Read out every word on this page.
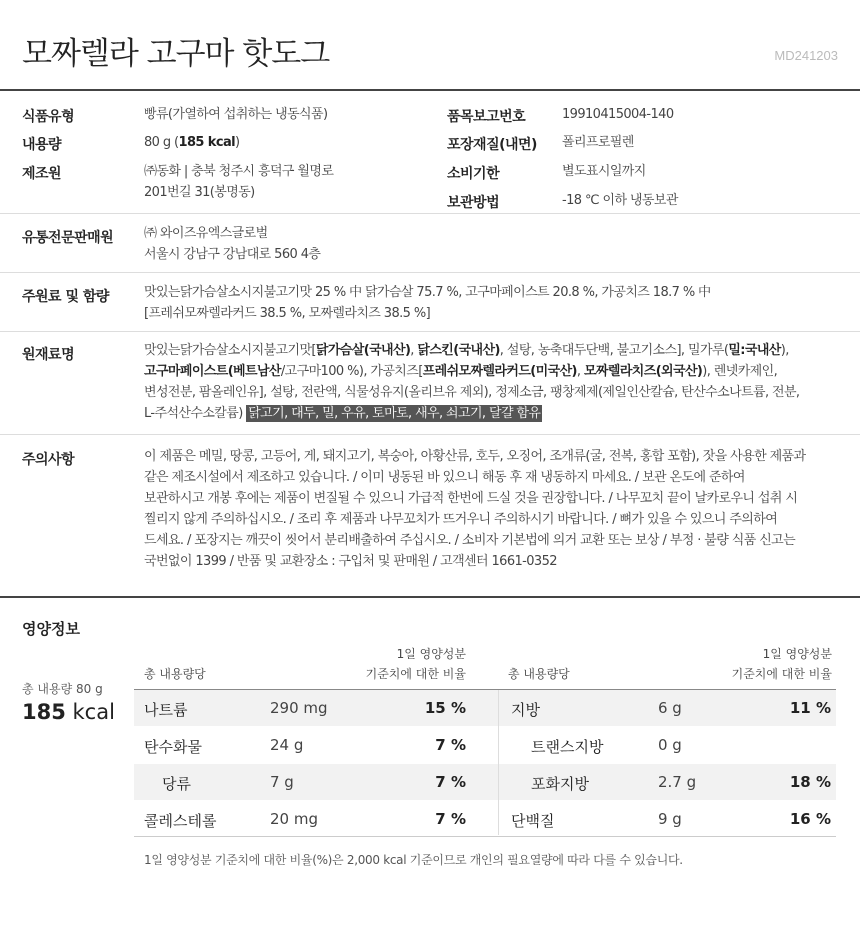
모짜렐라 고구마 핫도그	MD241203
식품유형	빵류(가열하여 섭취하는 냉동식품)
내용량	80 g (185 kcal)
제조원	㈜동화 | 충북 청주시 흥덕구 월명로
201번길 31(봉명동)
품목보고번호	19910415004-140
포장재질(내면) 폴리프로필렌
소비기한	별도표시일까지
보관방법	-18 ℃ 이하 냉동보관
유통전문판매원 ㈜ 와이즈유엑스글로벌
서울시 강남구 강남대로 560 4층
주원료 및 함량	맛있는닭가슴살소시지불고기맛 25 % 中 닭가슴살 75.7 %, 고구마페이스트 20.8 %, 가공치즈 18.7 % 中
[프레쉬모짜렐라커드 38.5 %, 모짜렐라치즈 38.5 %]
원재료명	맛있는닭가슴살소시지불고기맛[닭가슴살(국내산), 닭스킨(국내산), 설탕, 농축대두단백, 불고기소스], 밀가루(밀:국내산),
고구마페이스트(베트남산/고구마100 %), 가공치즈[프레쉬모짜렐라커드(미국산), 모짜렐라치즈(외국산)), 렌넷카제인,
변성전분, 팜올레인유], 설탕, 전란액, 식물성유지(올리브유 제외), 정제소금, 팽창제제(제일인산칼슘, 탄산수소나트륨, 전분,
L-주석산수소칼륨) 닭고기, 대두, 밀, 우유, 토마토, 새우, 쇠고기, 달걀 함유
주의사항	이 제품은 메밀, 땅콩, 고등어, 게, 돼지고기, 복숭아, 아황산류, 호두, 오징어, 조개류(굴, 전복, 홍합 포함), 잣을 사용한 제품과
같은 제조시설에서 제조하고 있습니다. / 이미 냉동된 바 있으니 해동 후 재 냉동하지 마세요. / 보관 온도에 준하여
보관하시고 개봉 후에는 제품이 변질될 수 있으니 가급적 한번에 드실 것을 권장합니다. / 나무꼬치 끝이 날카로우니 섭취 시
찔리지 않게 주의하십시오. / 조리 후 제품과 나무꼬치가 뜨거우니 주의하시기 바랍니다. / 뼈가 있을 수 있으니 주의하여
드세요. / 포장지는 깨끗이 씻어서 분리배출하여 주십시오. / 소비자 기본법에 의거 교환 또는 보상 / 부정 · 불량 식품 신고는
국번없이 1399 / 반품 및 교환장소 : 구입처 및 판매원 / 고객센터 1661-0352
영양정보
총 내용량 80 g
185 kcal
총 내용량당
1일 영양성분
기준치에 대한 비율	총 내용량당
1일 영양성분
기준치에 대한 비율
나트륨	290 mg	15 %
탄수화물	24 g	7 %
당류	7 g	7 %
콜레스테롤	20 mg	7 %
지방	6 g	11 %
트랜스지방	0 g
포화지방	2.7 g	18 %
단백질	9 g	16 %
1일 영양성분 기준치에 대한 비율(%)은 2,000 kcal 기준이므로 개인의 필요열량에 따라 다를 수 있습니다.
